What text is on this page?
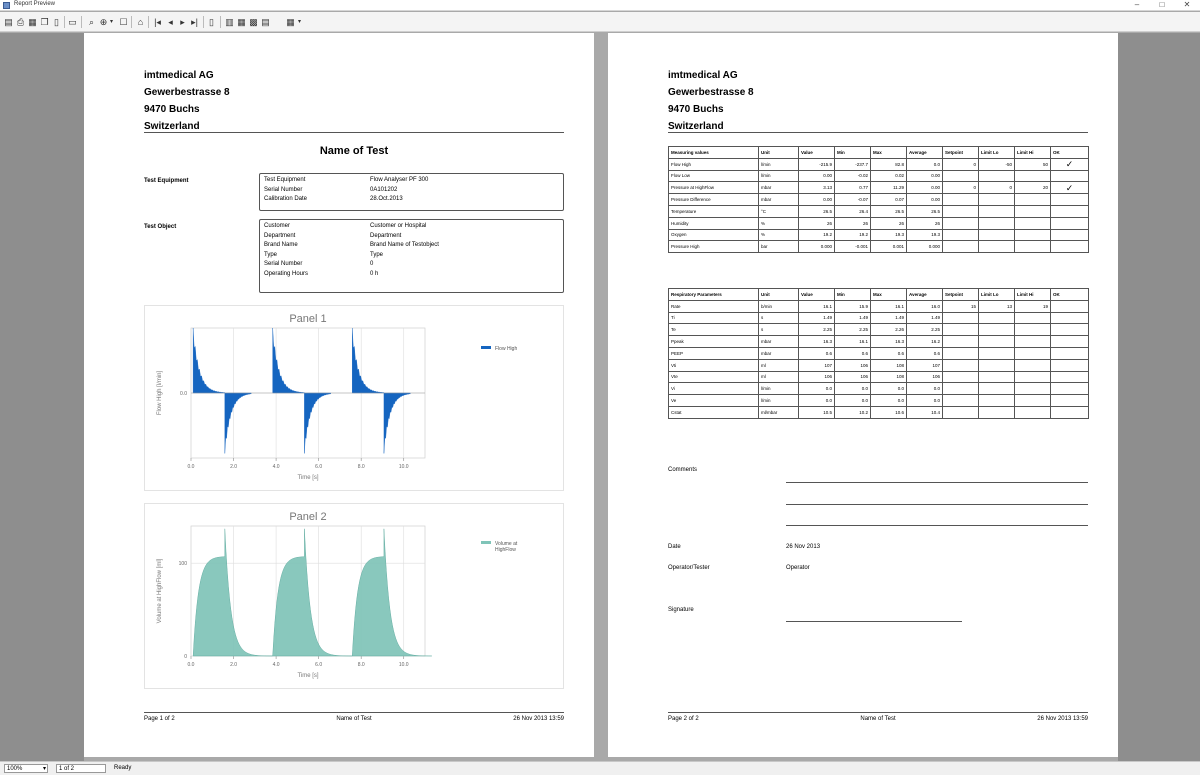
Report Preview	–	□	✕
▤ ⎙ ▦ ❐ ▯	▭	⌕ ⊕ ▾ ☐	⌂	|◂ ◂ ▸ ▸|	▯	▥ ▦ ▩ ▤ ▦ ▾
imtmedical AG
Gewerbestrasse 8
9470 Buchs
Switzerland
Name of Test
Test Equipment	Test Equipment	Flow Analyser PF 300
Serial Number	0A101202
Calibration Date	28.Oct.2013
Test Object	Customer	Customer or Hospital
Department	Department
Brand Name	Brand Name of Testobject
Type	Type
Serial Number	0
Operating Hours	0 h
Panel 1
0.0	2.0	4.0	6.0	8.0	10.0
0.0
Time [s]
Flow High [l/min]
Flow High
Panel 2
0.0	2.0	4.0	6.0	8.0	10.0
0
100
Time [s]
Volume at HighFlow [ml]
Volume at HighFlow
Page 1 of 2	Name of Test	26 Nov 2013 13:59
imtmedical AG
Gewerbestrasse 8
9470 Buchs
Switzerland
Measuring values	Unit	Value	Min	Max	Average	Setpoint	Limit Lo	Limit Hi	OK
Flow High	l/min	-215.9	-237.7	82.8	0.0	0	-50	50	✓
Flow Low	l/min	0.00	-0.02	0.02	0.00				
Pressure at HighFlow	mbar	3.13	0.77	11.29	0.00	0	0	20	✓
Pressure Difference	mbar	0.00	-0.07	0.07	0.00				
Temperature	°C	26.5	26.4	26.5	26.5				
Humidity	%	26	26	26	26				
Oxygen	%	19.2	19.2	19.3	19.3				
Pressure High	bar	0.000	-0.001	0.001	0.000				
Respiratory Parameters	Unit	Value	Min	Max	Average	Setpoint	Limit Lo	Limit Hi	OK
Rate	b/min	16.1	15.9	16.1	16.0	15	13	19	
Ti	s	1.49	1.49	1.49	1.49				
Te	s	2.25	2.25	2.26	2.25				
Ppeak	mbar	16.3	16.1	16.3	16.2				
PEEP	mbar	0.6	0.6	0.6	0.6				
Vti	ml	107	106	108	107				
Vte	ml	106	106	108	106				
Vi	l/min	0.0	0.0	0.0	0.0				
Ve	l/min	0.0	0.0	0.0	0.0				
Cstat	ml/mbar	10.5	10.2	10.6	10.4				
Comments
Date	26 Nov 2013
Operator/Tester	Operator
Signature
Page 2 of 2	Name of Test	26 Nov 2013 13:59
100%	▾	1 of 2	Ready
